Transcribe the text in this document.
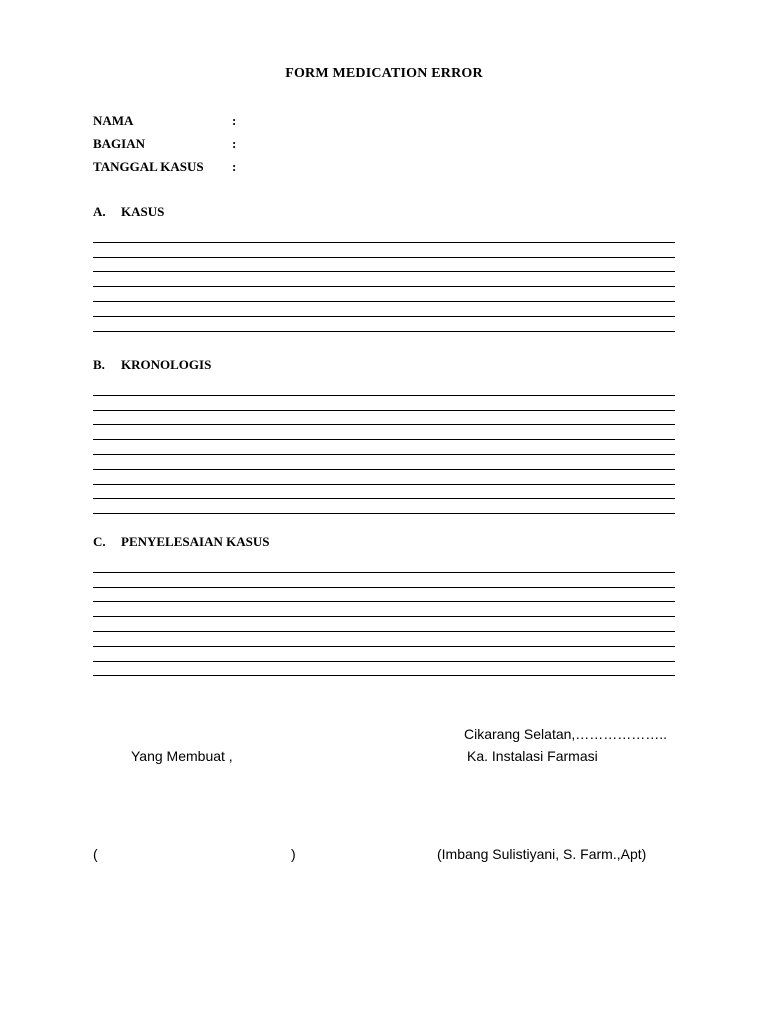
FORM MEDICATION ERROR
NAMA	:
BAGIAN	:
TANGGAL KASUS :
A. KASUS
B. KRONOLOGIS
C. PENYELESAIAN KASUS
Cikarang Selatan,………………..
Yang Membuat ,	Ka. Instalasi Farmasi
(	)	(Imbang Sulistiyani, S. Farm.,Apt)
